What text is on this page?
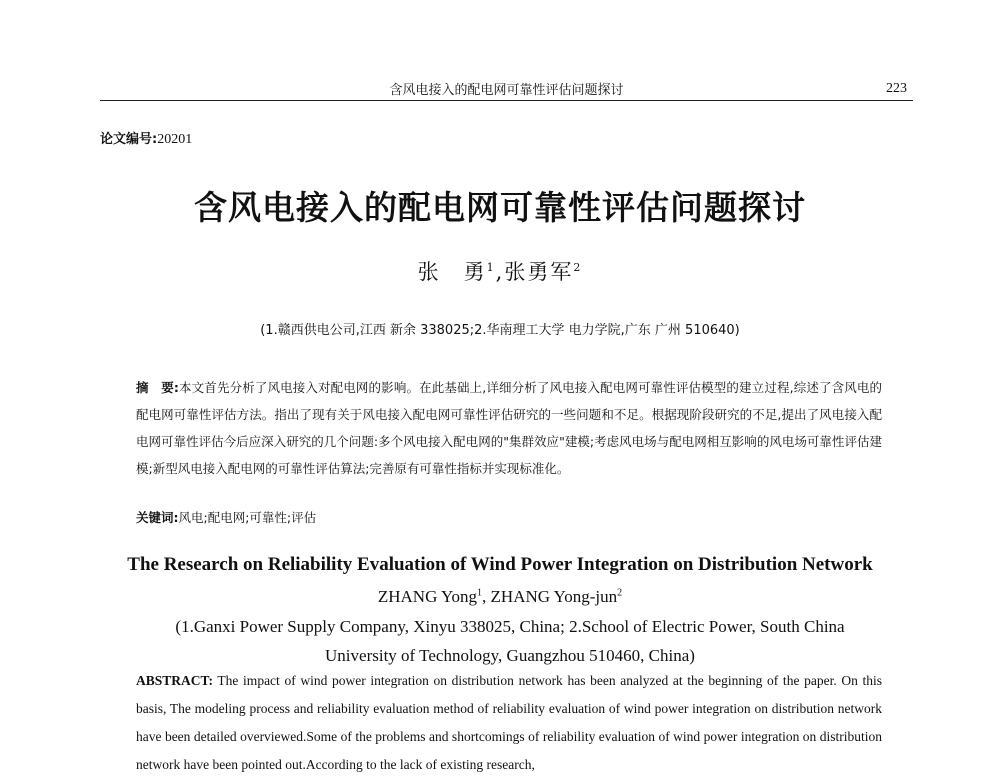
含风电接入的配电网可靠性评估问题探讨	223
论文编号:20201
含风电接入的配电网可靠性评估问题探讨
张　勇$^1$,张勇军$^2$
(1.赣西供电公司,江西 新余 338025;2.华南理工大学 电力学院,广东 广州 510640)
摘　要:本文首先分析了风电接入对配电网的影响。在此基础上,详细分析了风电接入配电网可靠性评估模型的建立过程,综述了含风电的配电网可靠性评估方法。指出了现有关于风电接入配电网可靠性评估研究的一些问题和不足。根据现阶段研究的不足,提出了风电接入配电网可靠性评估今后应深入研究的几个问题:多个风电接入配电网的"集群效应"建模;考虑风电场与配电网相互影响的风电场可靠性评估建模;新型风电接入配电网的可靠性评估算法;完善原有可靠性指标并实现标准化。
关键词:风电;配电网;可靠性;评估
The Research on Reliability Evaluation of Wind Power Integration on Distribution Network
ZHANG Yong$^1$, ZHANG Yong-jun$^2$
(1.Ganxi Power Supply Company, Xinyu 338025, China; 2.School of Electric Power, South China University of Technology, Guangzhou 510460, China)
ABSTRACT: The impact of wind power integration on distribution network has been analyzed at the beginning of the paper. On this basis, The modeling process and reliability evaluation method of reliability evaluation of wind power integration on distribution network have been detailed overviewed.Some of the problems and shortcomings of reliability evaluation of wind power integration on distribution network have been pointed out.According to the lack of existing research,
